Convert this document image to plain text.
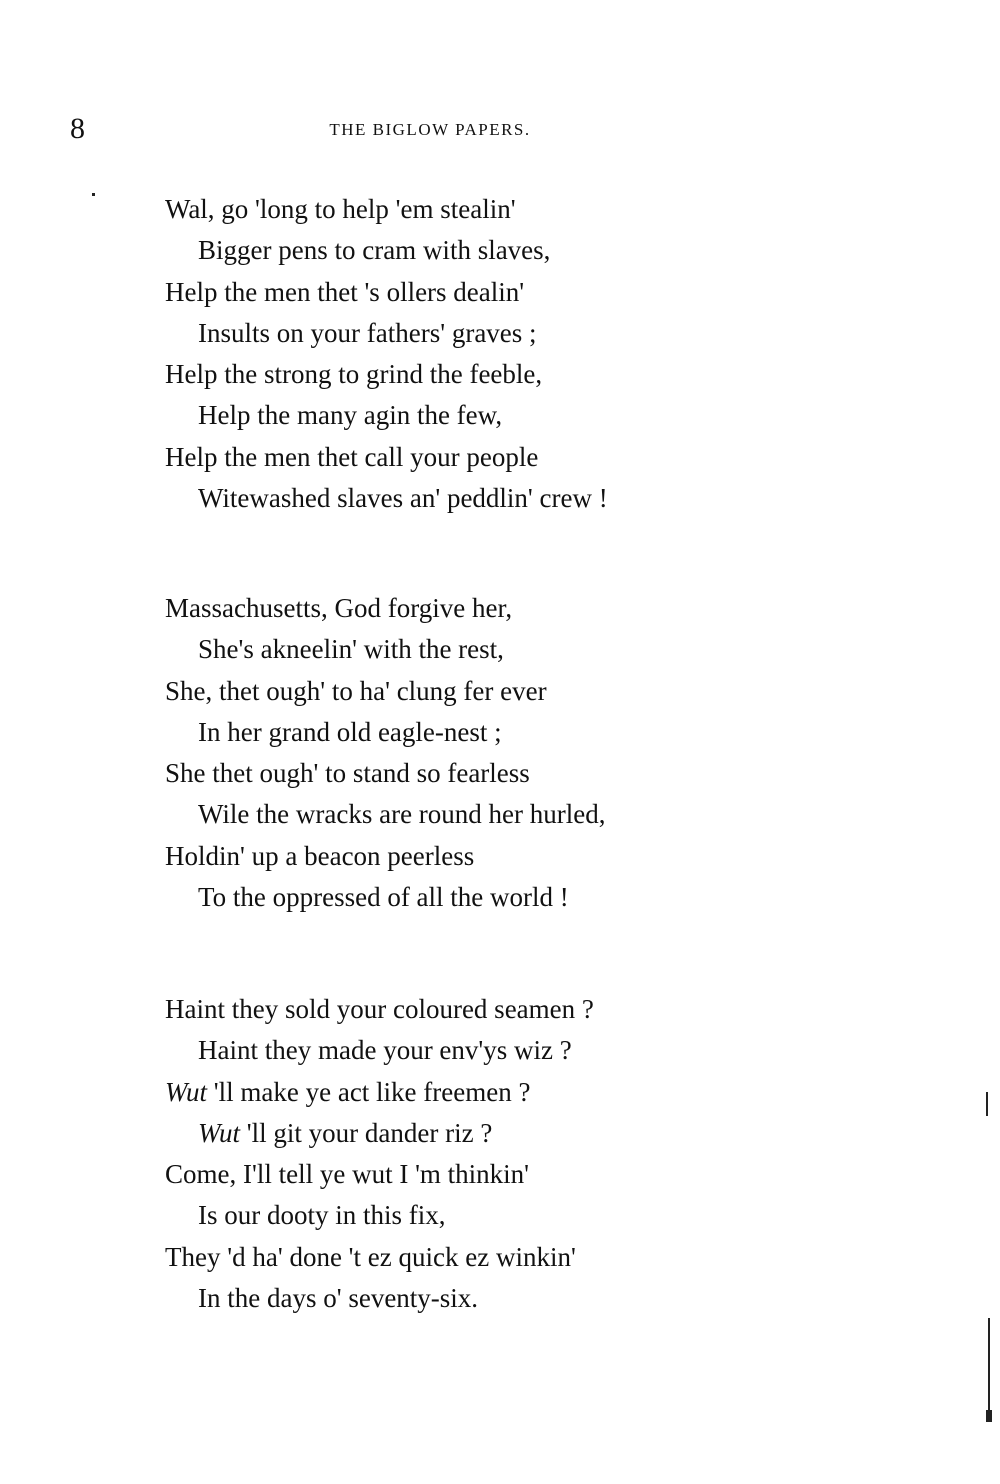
8	THE BIGLOW PAPERS.
Wal, go 'long to help 'em stealin'
Bigger pens to cram with slaves,
Help the men thet 's ollers dealin'
Insults on your fathers' graves ;
Help the strong to grind the feeble,
Help the many agin the few,
Help the men thet call your people
Witewashed slaves an' peddlin' crew !
Massachusetts, God forgive her,
She's akneelin' with the rest,
She, thet ough' to ha' clung fer ever
In her grand old eagle-nest ;
She thet ough' to stand so fearless
Wile the wracks are round her hurled,
Holdin' up a beacon peerless
To the oppressed of all the world !
Haint they sold your coloured seamen ?
Haint they made your env'ys wiz ?
Wut 'll make ye act like freemen ?
Wut 'll git your dander riz ?
Come, I'll tell ye wut I 'm thinkin'
Is our dooty in this fix,
They 'd ha' done 't ez quick ez winkin'
In the days o' seventy-six.
